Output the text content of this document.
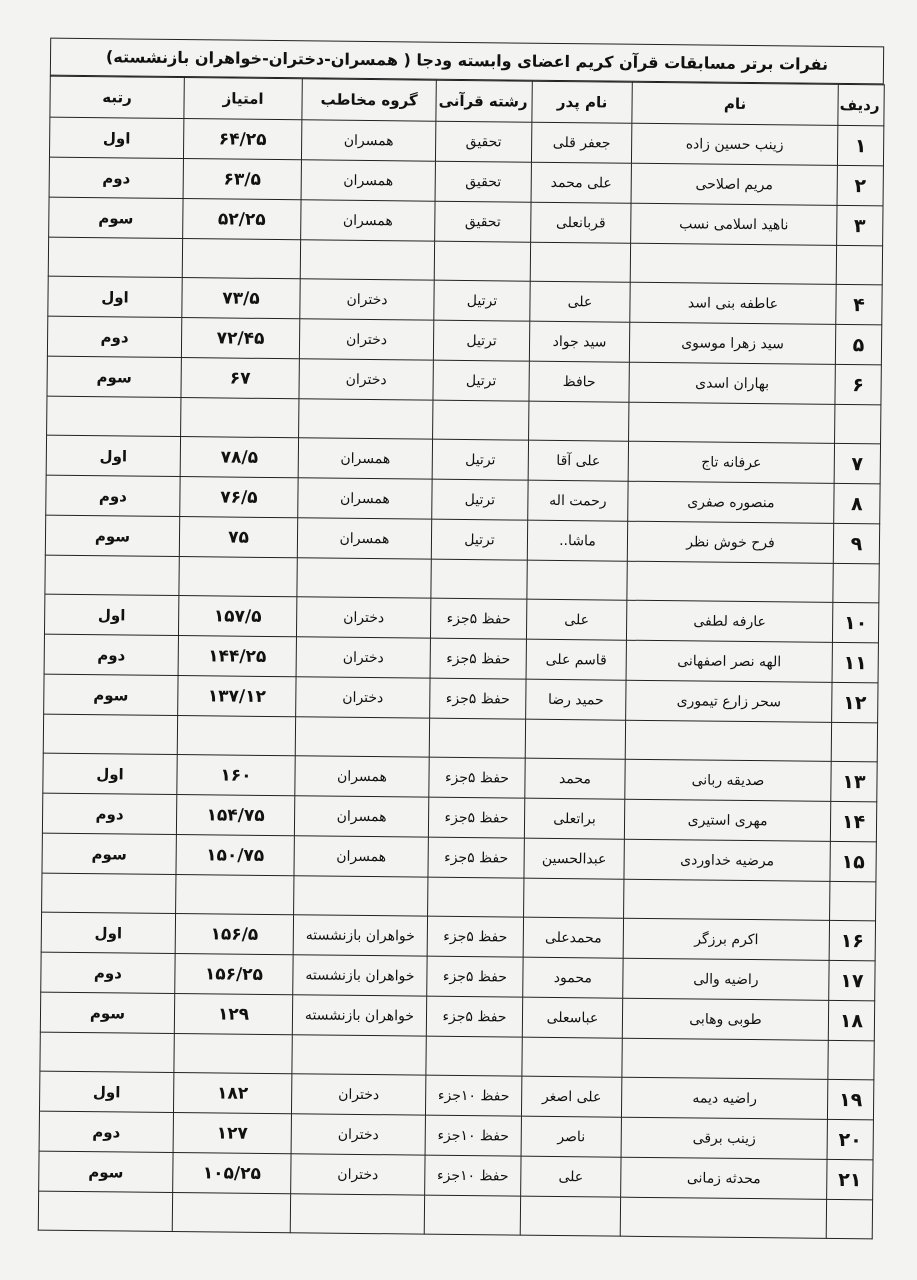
نفرات برتر مسابقات قرآن کریم اعضای وابسته ودجا ( همسران-دختران-خواهران بازنشسته)
ردیف	نام	نام پدر	رشته قرآنی	گروه مخاطب	امتیاز	رتبه
۱	زینب حسین زاده	جعفر قلی	تحقیق	همسران	۶۴/۲۵	اول
۲	مریم اصلاحی	علی محمد	تحقیق	همسران	۶۳/۵	دوم
۳	ناهید اسلامی نسب	قربانعلی	تحقیق	همسران	۵۲/۲۵	سوم

۴	عاطفه بنی اسد	علی	ترتیل	دختران	۷۳/۵	اول
۵	سید زهرا موسوی	سید جواد	ترتیل	دختران	۷۲/۴۵	دوم
۶	بهاران اسدی	حافظ	ترتیل	دختران	۶۷	سوم

۷	عرفانه تاج	علی آقا	ترتیل	همسران	۷۸/۵	اول
۸	منصوره صفری	رحمت اله	ترتیل	همسران	۷۶/۵	دوم
۹	فرح خوش نظر	ماشا..	ترتیل	همسران	۷۵	سوم

۱۰	عارفه لطفی	علی	حفظ ۵جزء	دختران	۱۵۷/۵	اول
۱۱	الهه نصر اصفهانی	قاسم علی	حفظ ۵جزء	دختران	۱۴۴/۲۵	دوم
۱۲	سحر زارع تیموری	حمید رضا	حفظ ۵جزء	دختران	۱۳۷/۱۲	سوم

۱۳	صدیقه ربانی	محمد	حفظ ۵جزء	همسران	۱۶۰	اول
۱۴	مهری استیری	براتعلی	حفظ ۵جزء	همسران	۱۵۴/۷۵	دوم
۱۵	مرضیه خداوردی	عبدالحسین	حفظ ۵جزء	همسران	۱۵۰/۷۵	سوم

۱۶	اکرم برزگر	محمدعلی	حفظ ۵جزء	خواهران بازنشسته	۱۵۶/۵	اول
۱۷	راضیه والی	محمود	حفظ ۵جزء	خواهران بازنشسته	۱۵۶/۲۵	دوم
۱۸	طوبی وهابی	عباسعلی	حفظ ۵جزء	خواهران بازنشسته	۱۲۹	سوم

۱۹	راضیه دیمه	علی اصغر	حفظ ۱۰جزء	دختران	۱۸۲	اول
۲۰	زینب برقی	ناصر	حفظ ۱۰جزء	دختران	۱۲۷	دوم
۲۱	محدثه زمانی	علی	حفظ ۱۰جزء	دختران	۱۰۵/۲۵	سوم
